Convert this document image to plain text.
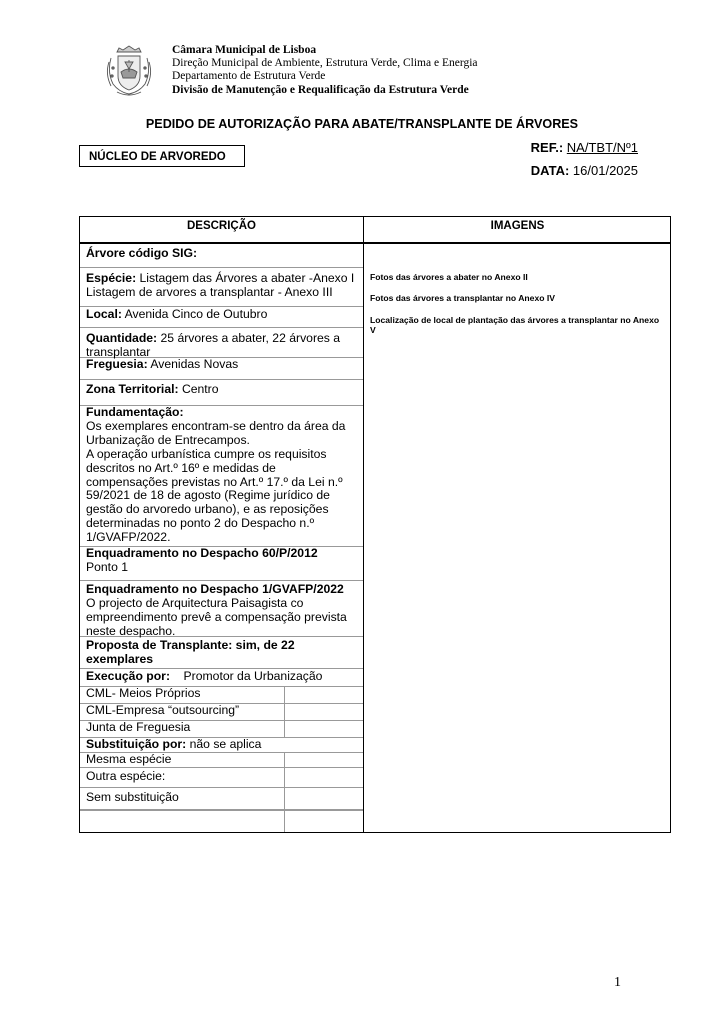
Câmara Municipal de Lisboa
Direção Municipal de Ambiente, Estrutura Verde, Clima e Energia
Departamento de Estrutura Verde
Divisão de Manutenção e Requalificação da Estrutura Verde
PEDIDO DE AUTORIZAÇÃO PARA ABATE/TRANSPLANTE DE ÁRVORES
NÚCLEO DE ARVOREDO
REF.: NA/TBT/Nº1
DATA: 16/01/2025
DESCRIÇÃO	IMAGENS
Árvore código SIG:
Espécie: Listagem das Árvores a abater -Anexo I
Listagem de arvores a transplantar - Anexo III
Local: Avenida Cinco de Outubro
Quantidade: 25 árvores a abater, 22 árvores a transplantar
Freguesia: Avenidas Novas
Zona Territorial: Centro
Fundamentação:
Os exemplares encontram-se dentro da área da Urbanização de Entrecampos.
A operação urbanística cumpre os requisitos descritos no Art.º 16º e medidas de compensações previstas no Art.º 17.º da Lei n.º 59/2021 de 18 de agosto (Regime jurídico de gestão do arvoredo urbano), e as reposições determinadas no ponto 2 do Despacho n.º 1/GVAFP/2022.
Enquadramento no Despacho 60/P/2012
Ponto 1
Enquadramento no Despacho 1/GVAFP/2022
O projecto de Arquitectura Paisagista co empreendimento prevê a compensação prevista neste despacho.
Proposta de Transplante: sim, de 22 exemplares
Execução por: Promotor da Urbanização
CML- Meios Próprios
CML-Empresa “outsourcing”
Junta de Freguesia
Substituição por: não se aplica
Mesma espécie
Outra espécie:
Sem substituição

Fotos das árvores a abater no Anexo II

Fotos das árvores a transplantar no Anexo IV

Localização de local de plantação das árvores a transplantar no Anexo V

1
